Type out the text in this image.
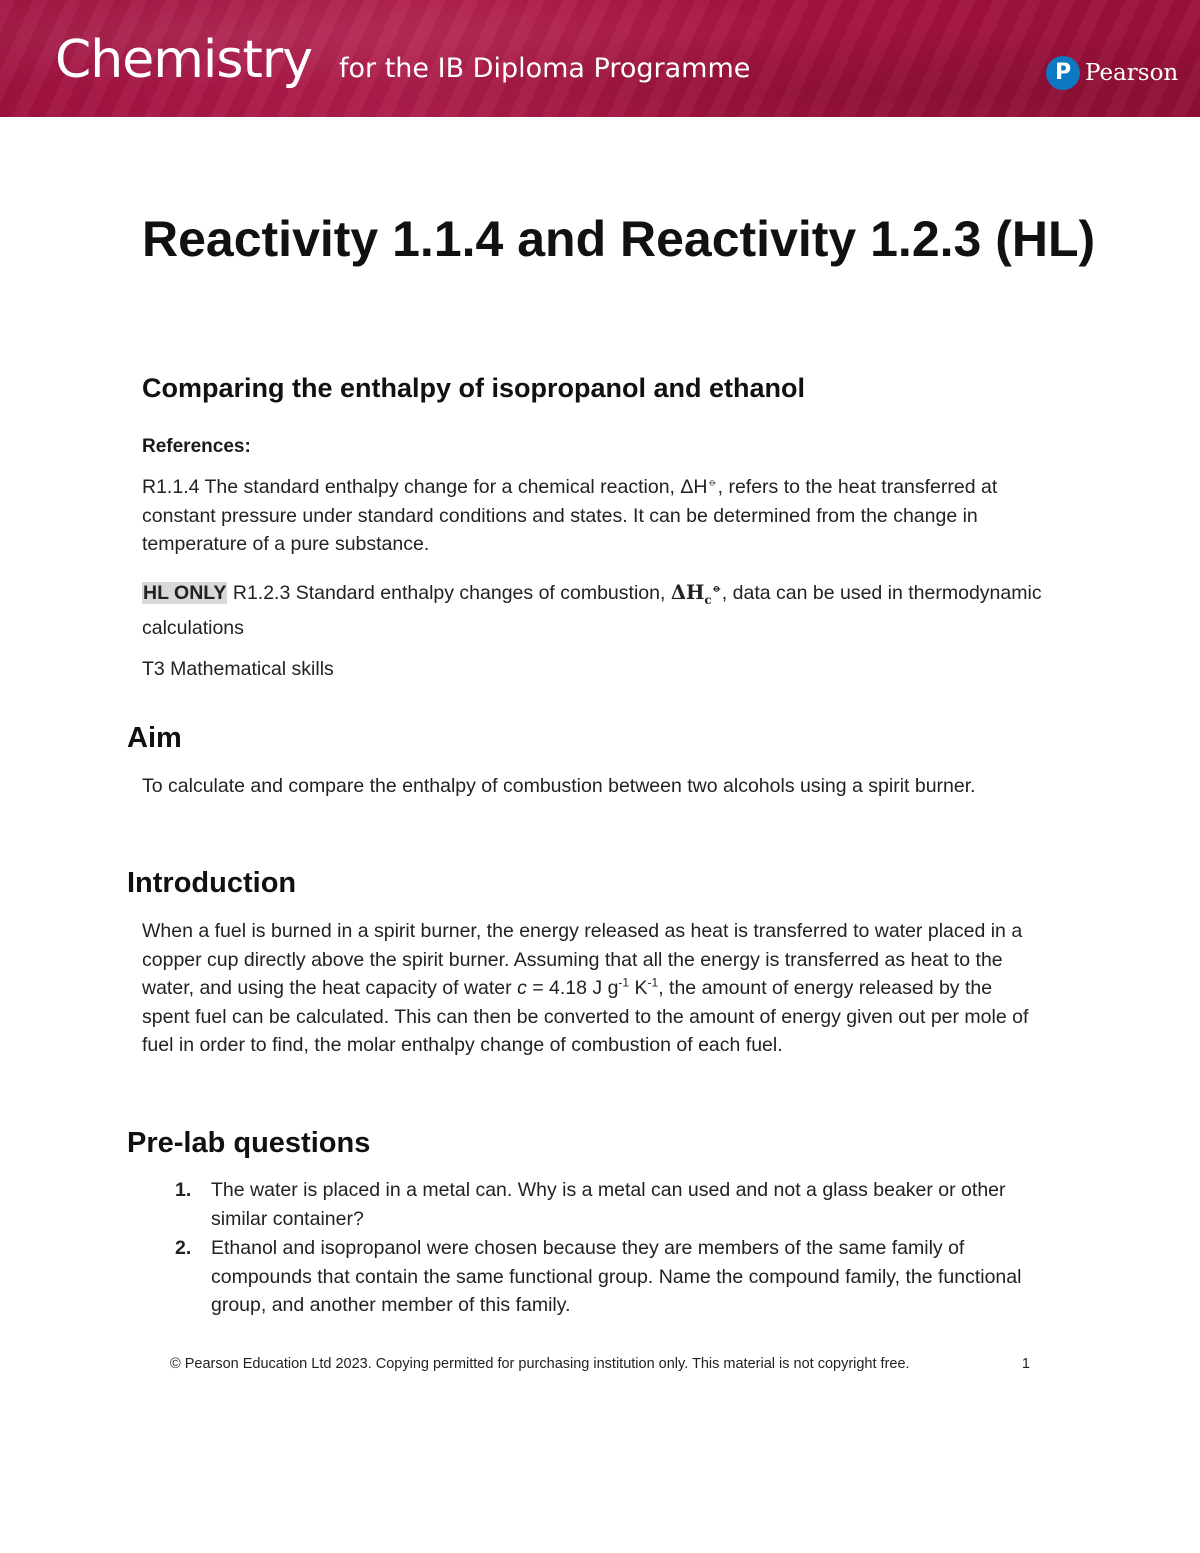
Chemistry for the IB Diploma Programme	P Pearson
Reactivity 1.1.4 and Reactivity 1.2.3 (HL)
Comparing the enthalpy of isopropanol and ethanol
References:

R1.1.4 The standard enthalpy change for a chemical reaction, ΔH⦵, refers to the heat transferred at constant pressure under standard conditions and states. It can be determined from the change in temperature of a pure substance.

HL ONLY R1.2.3 Standard enthalpy changes of combustion, $\Delta H_c^⦵$, data can be used in thermodynamic calculations

T3 Mathematical skills

Aim

To calculate and compare the enthalpy of combustion between two alcohols using a spirit burner.

Introduction

When a fuel is burned in a spirit burner, the energy released as heat is transferred to water placed in a copper cup directly above the spirit burner. Assuming that all the energy is transferred as heat to the water, and using the heat capacity of water c = 4.18 J $g^{-1}$ $K^{-1}$, the amount of energy released by the spent fuel can be calculated. This can then be converted to the amount of energy given out per mole of fuel in order to find, the molar enthalpy change of combustion of each fuel.

Pre-lab questions
1. The water is placed in a metal can. Why is a metal can used and not a glass beaker or other similar container?
2. Ethanol and isopropanol were chosen because they are members of the same family of compounds that contain the same functional group. Name the compound family, the functional group, and another member of this family.
© Pearson Education Ltd 2023. Copying permitted for purchasing institution only. This material is not copyright free.	1
